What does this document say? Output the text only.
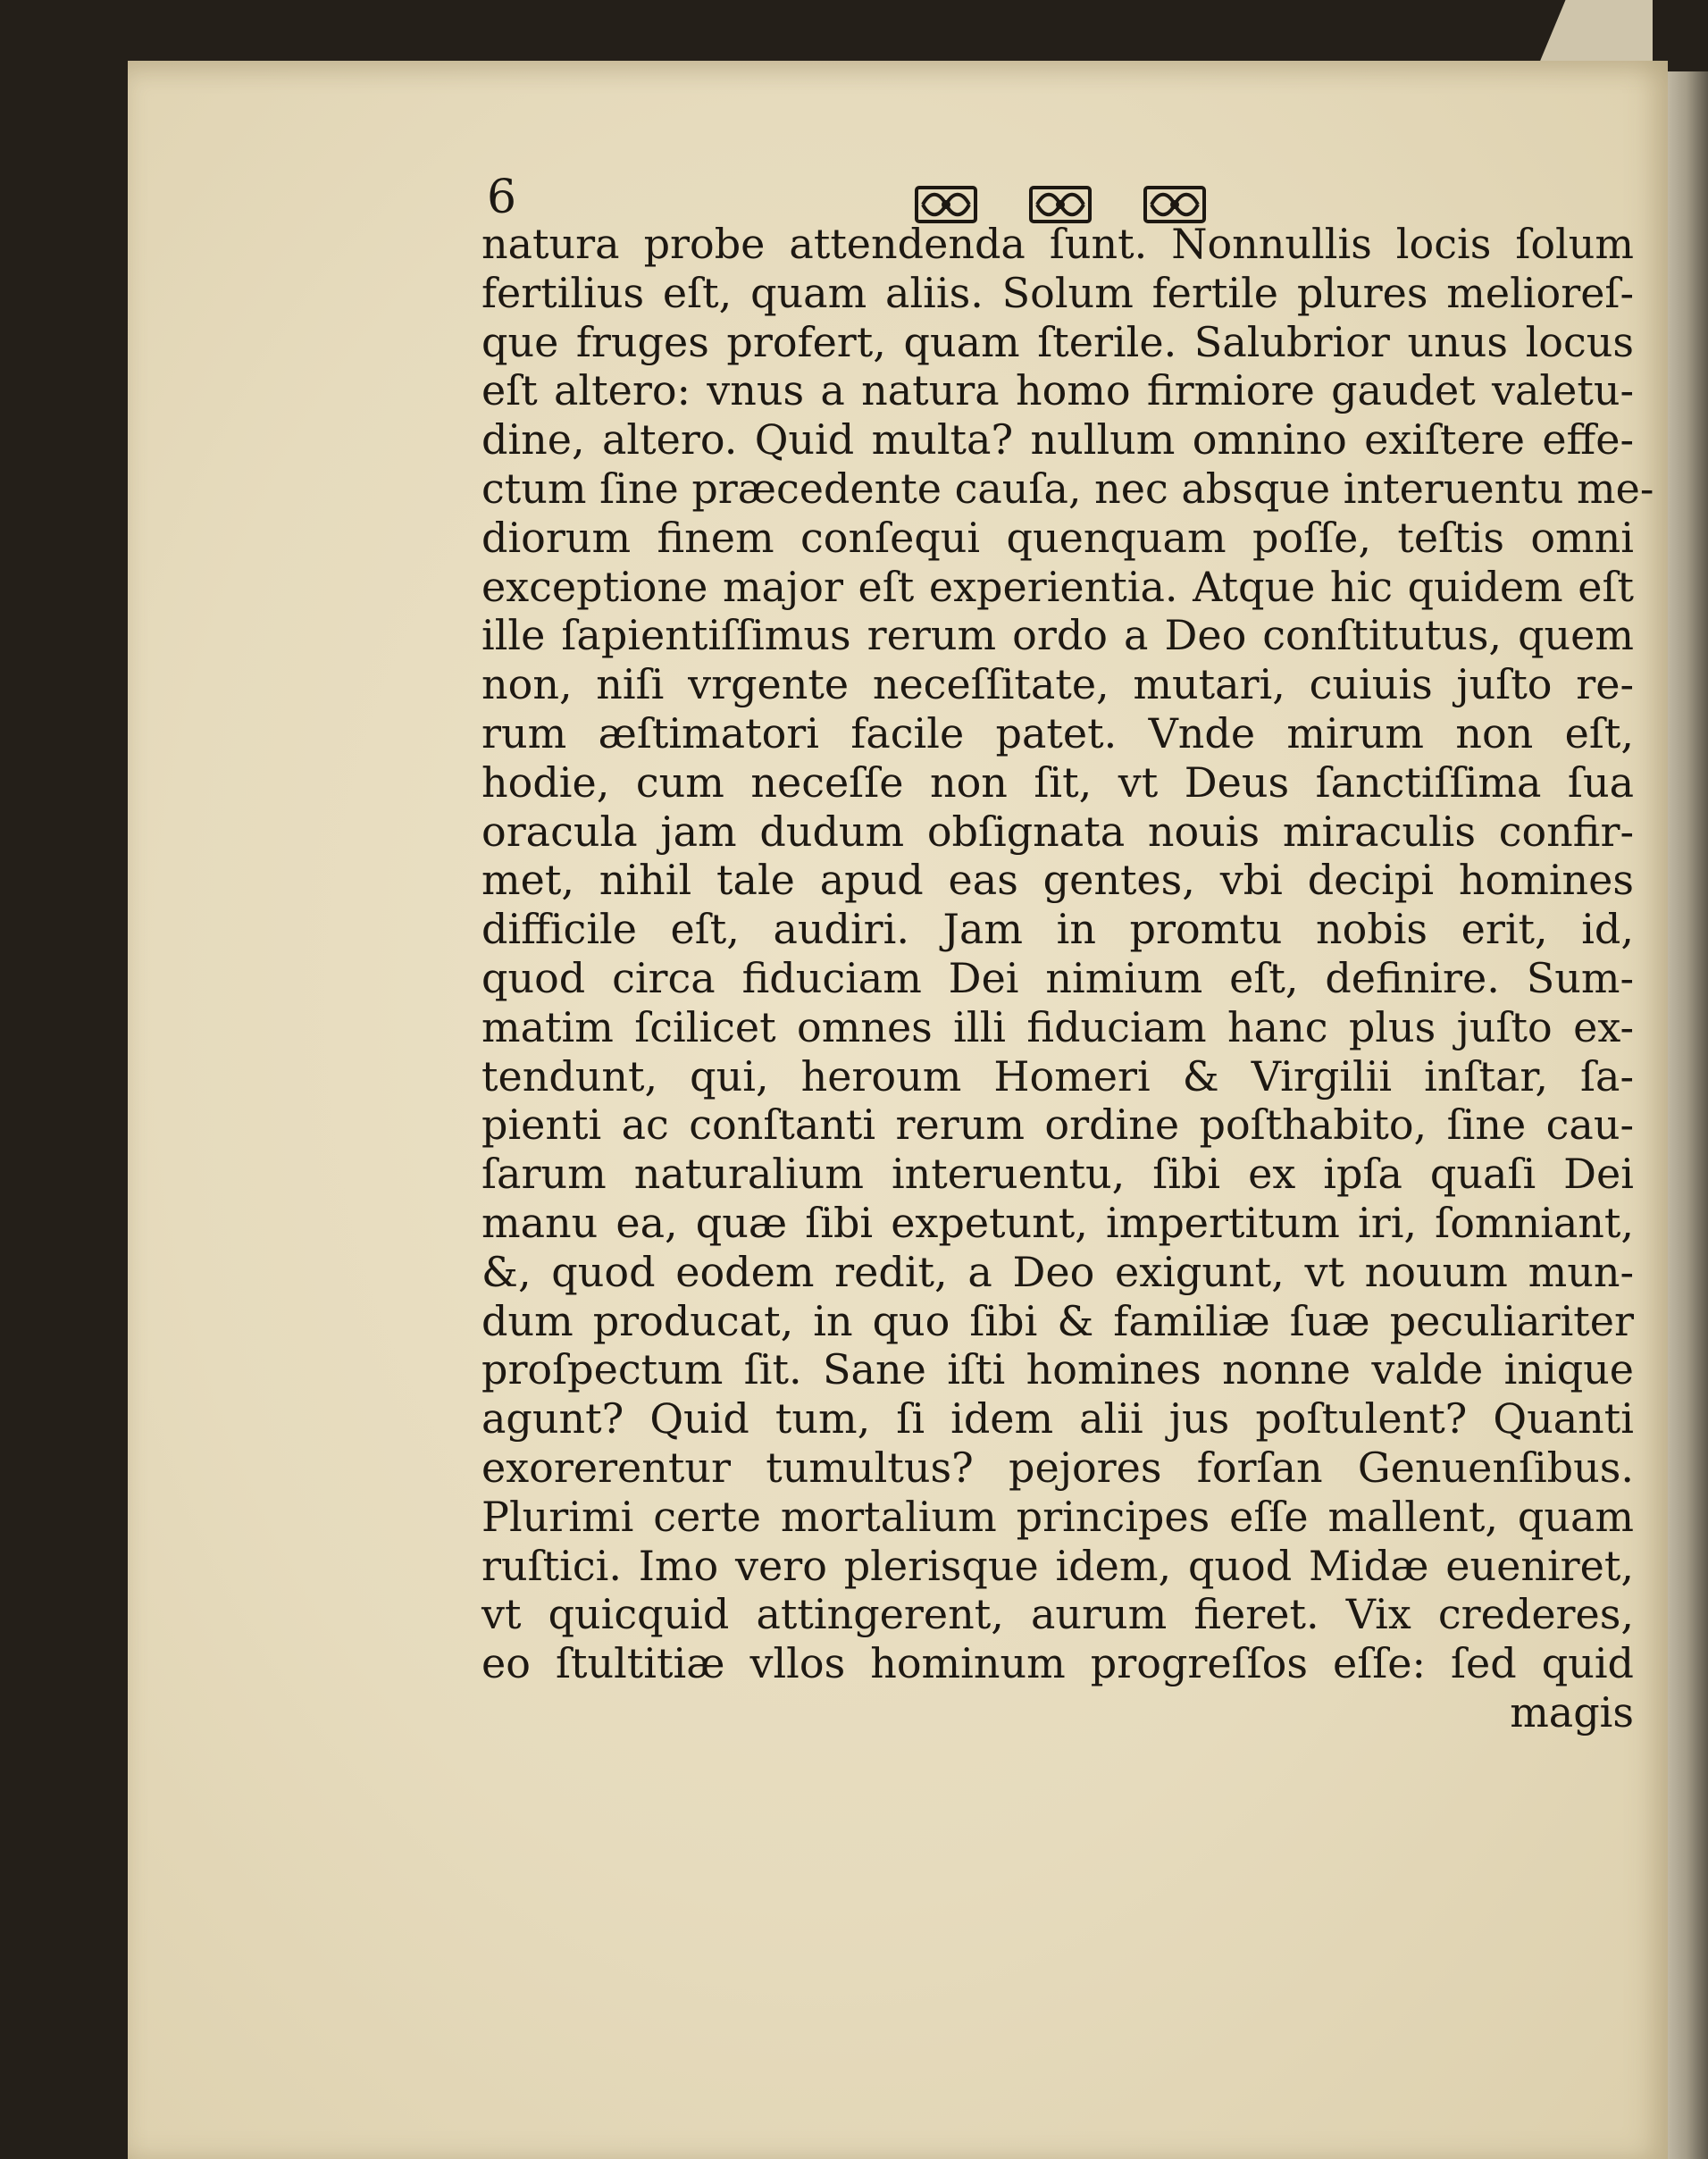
6
natura probe attendenda ſunt. Nonnullis locis ſolum
fertilius eſt, quam aliis. Solum fertile plures melioreſ-
que fruges profert, quam ſterile. Salubrior unus locus
eſt altero: vnus a natura homo firmiore gaudet valetu-
dine, altero. Quid multa? nullum omnino exiſtere effe-
ctum ſine præcedente cauſa, nec absque interuentu me-
diorum finem conſequi quenquam poſſe, teſtis omni
exceptione major eſt experientia. Atque hic quidem eſt
ille ſapientiſſimus rerum ordo a Deo conſtitutus, quem
non, niſi vrgente neceſſitate, mutari, cuiuis juſto re-
rum æſtimatori facile patet. Vnde mirum non eſt,
hodie, cum neceſſe non ſit, vt Deus ſanctiſſima ſua
oracula jam dudum obſignata nouis miraculis confir-
met, nihil tale apud eas gentes, vbi decipi homines
difficile eſt, audiri. Jam in promtu nobis erit, id,
quod circa fiduciam Dei nimium eſt, definire. Sum-
matim ſcilicet omnes illi fiduciam hanc plus juſto ex-
tendunt, qui, heroum Homeri & Virgilii inſtar, ſa-
pienti ac conſtanti rerum ordine poſthabito, ſine cau-
ſarum naturalium interuentu, ſibi ex ipſa quaſi Dei
manu ea, quæ ſibi expetunt, impertitum iri, ſomniant,
&, quod eodem redit, a Deo exigunt, vt nouum mun-
dum producat, in quo ſibi & familiæ ſuæ peculiariter
proſpectum ſit. Sane iſti homines nonne valde inique
agunt? Quid tum, ſi idem alii jus poſtulent? Quanti
exorerentur tumultus? pejores forſan Genuenſibus.
Plurimi certe mortalium principes eſſe mallent, quam
ruſtici. Imo vero plerisque idem, quod Midæ eueniret,
vt quicquid attingerent, aurum fieret. Vix crederes,
eo ſtultitiæ vllos hominum progreſſos eſſe: ſed quid
magis
